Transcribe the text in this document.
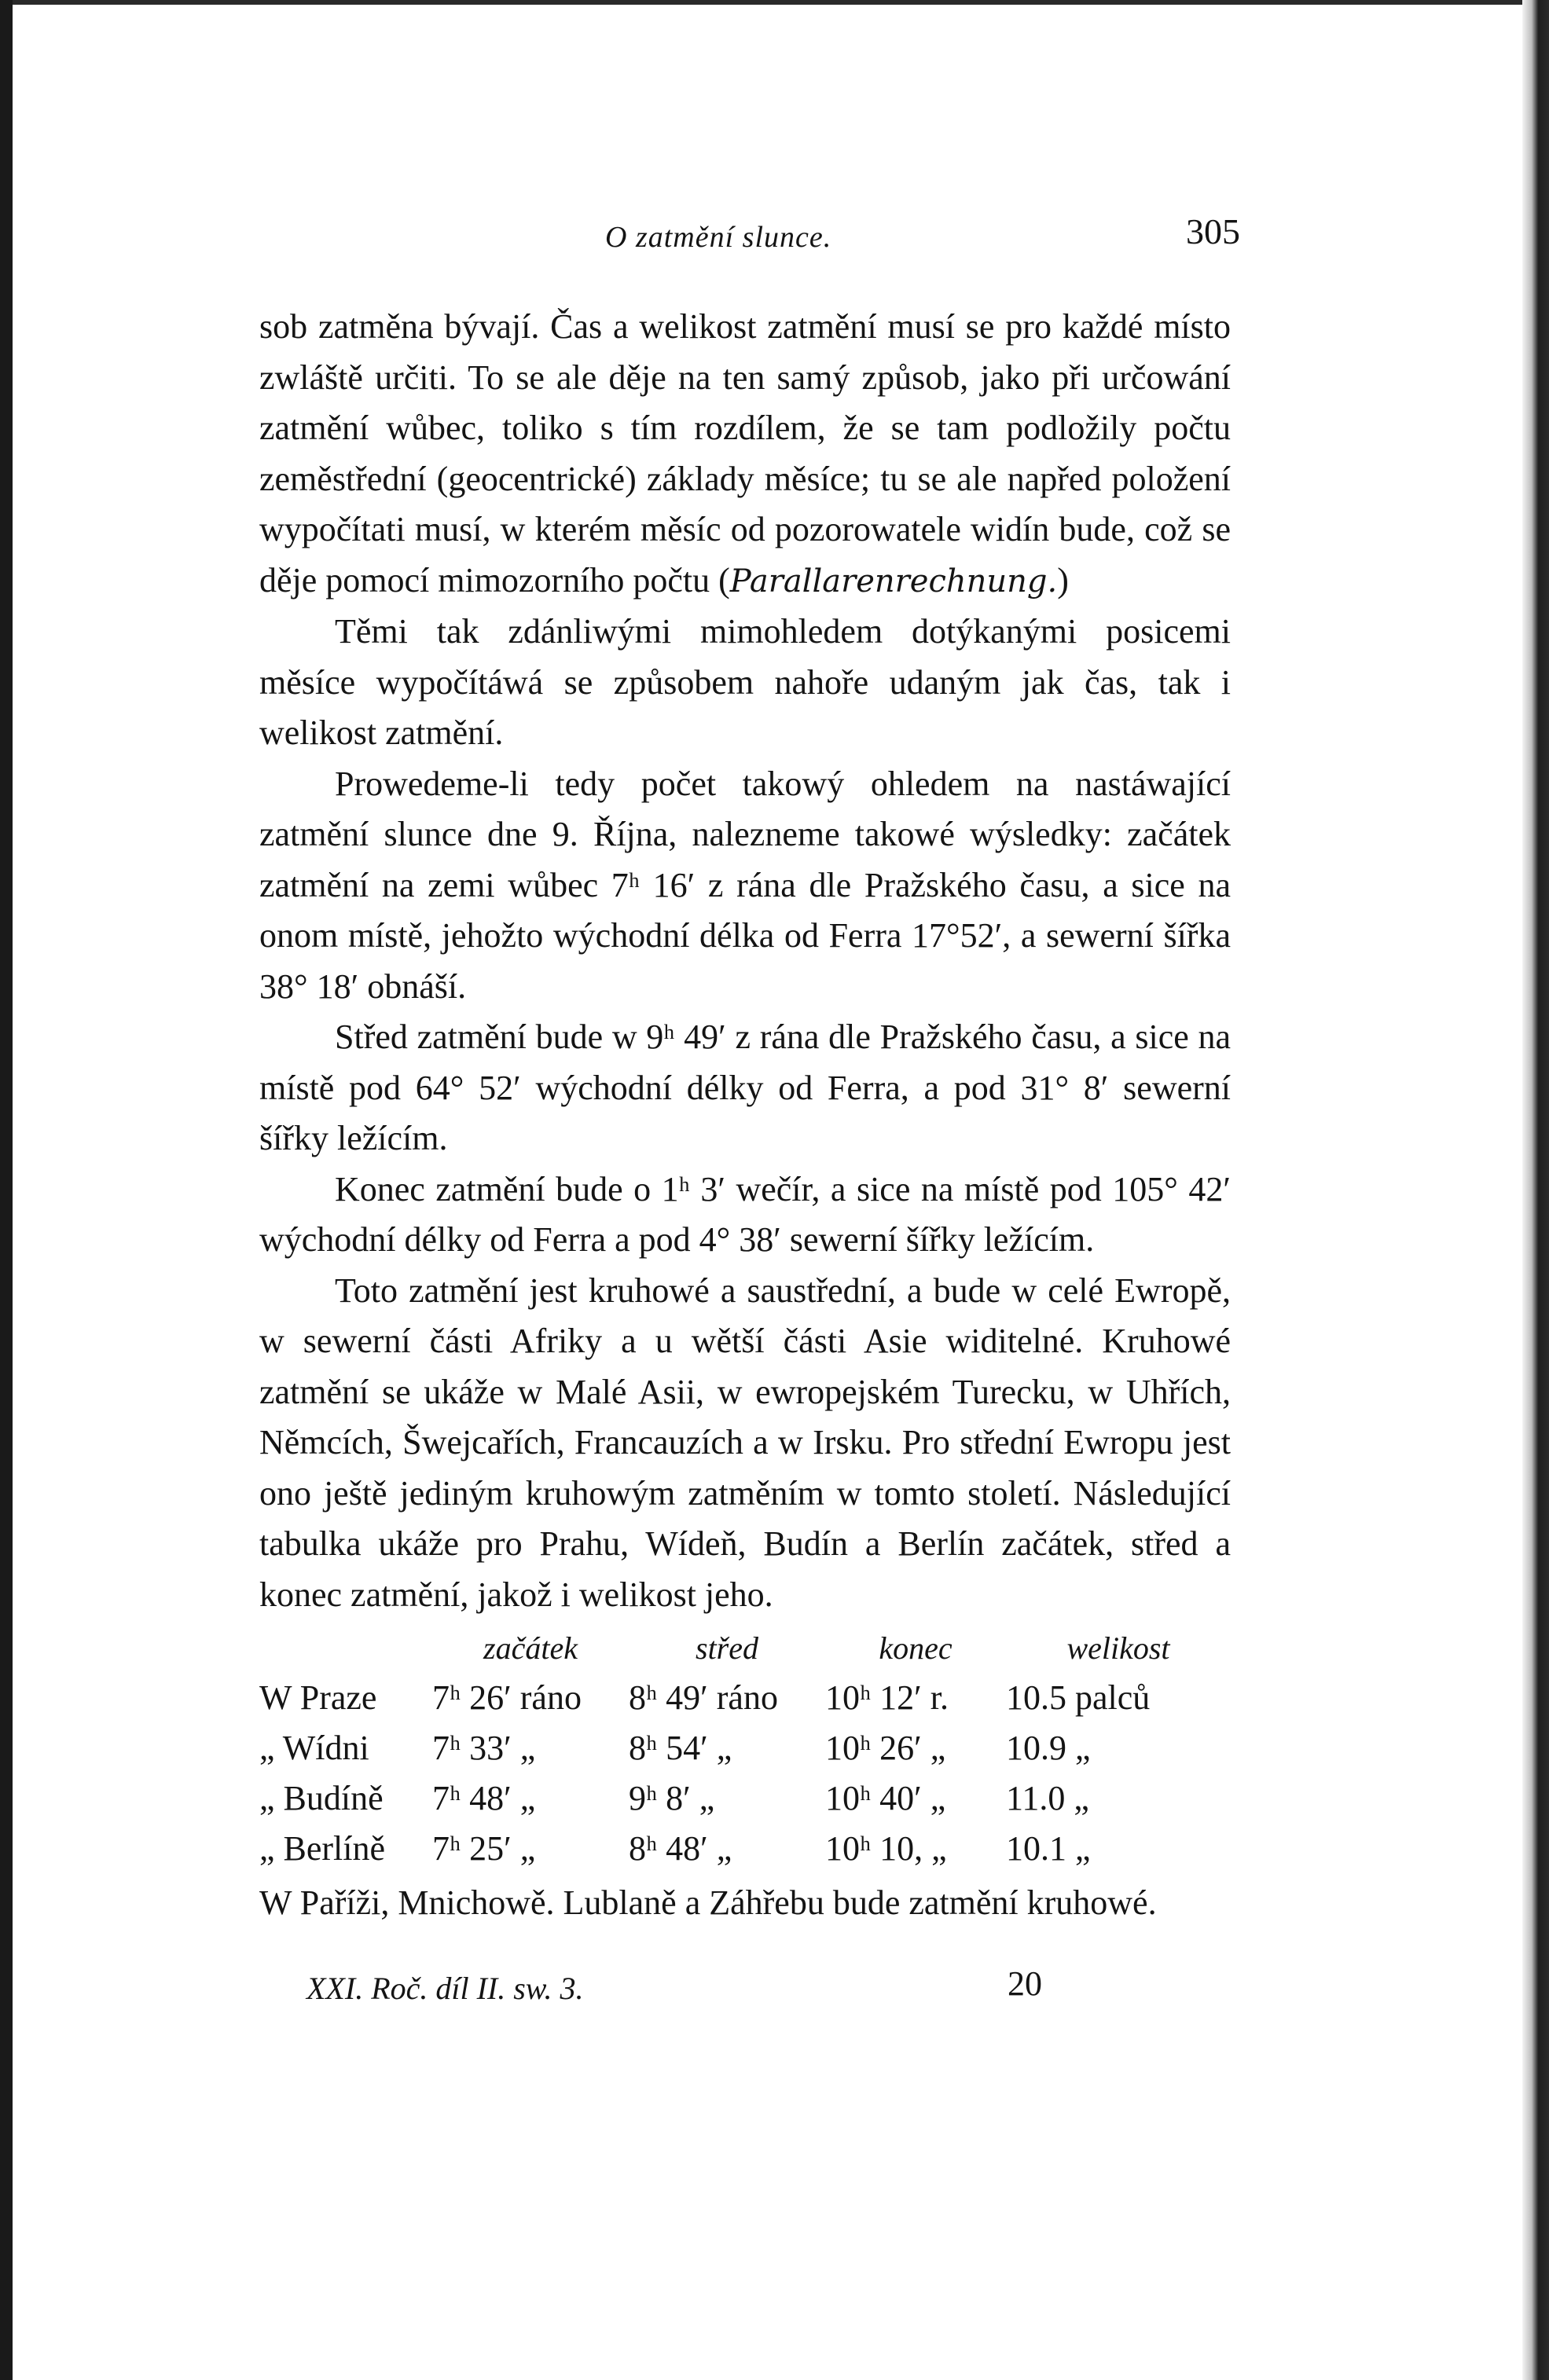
O zatmění slunce.	305

sob zatměna bývají. Čas a welikost zatmění musí se pro každé místo zwláště určiti. To se ale děje na ten samý způsob, jako při určowání zatmění wůbec, toliko s tím rozdílem, že se tam podložily počtu zeměstřední (geocentrické) základy měsíce; tu se ale napřed položení wypočítati musí, w kterém měsíc od pozorowatele widín bude, což se děje pomocí mimozorního počtu (Parallarenrechnung.)

Těmi tak zdánliwými mimohledem dotýkanými posicemi měsíce wypočítáwá se způsobem nahoře udaným jak čas, tak i welikost zatmění.

Prowedeme-li tedy počet takowý ohledem na nastáwající zatmění slunce dne 9. Října, nalezneme takowé wýsledky: začátek zatmění na zemi wůbec 7ʰ 16′ z rána dle Pražského času, a sice na onom místě, jehožto wýchodní délka od Ferra 17°52′, a sewerní šířka 38° 18′ obnáší.

Střed zatmění bude w 9ʰ 49′ z rána dle Pražského času, a sice na místě pod 64° 52′ wýchodní délky od Ferra, a pod 31° 8′ sewerní šířky ležícím.

Konec zatmění bude o 1ʰ 3′ wečír, a sice na místě pod 105° 42′ wýchodní délky od Ferra a pod 4° 38′ sewerní šířky ležícím.

Toto zatmění jest kruhowé a saustřední, a bude w celé Ewropě, w sewerní části Afriky a u wětší části Asie widitelné. Kruhowé zatmění se ukáže w Malé Asii, w ewropejském Turecku, w Uhřích, Němcích, Šwejcařích, Francauzích a w Irsku. Pro střední Ewropu jest ono ještě jediným kruhowým zatměním w tomto století. Následující tabulka ukáže pro Prahu, Wídeň, Budín a Berlín začátek, střed a konec zatmění, jakož i welikost jeho.

	začátek	střed	konec	welikost
W Praze	7ʰ 26′ ráno	8ʰ 49′ ráno	10ʰ 12′ r.	10.5 palců
„ Wídni	7ʰ 33′ „	8ʰ 54′ „	10ʰ 26′ „	10.9 „
„ Budíně	7ʰ 48′ „	9ʰ 8′ „	10ʰ 40′ „	11.0 „
„ Berlíně	7ʰ 25′ „	8ʰ 48′ „	10ʰ 10, „	10.1 „

W Paříži, Mnichowě. Lublaně a Záhřebu bude zatmění kruhowé.

XXI. Roč. díl II. sw. 3.	20
